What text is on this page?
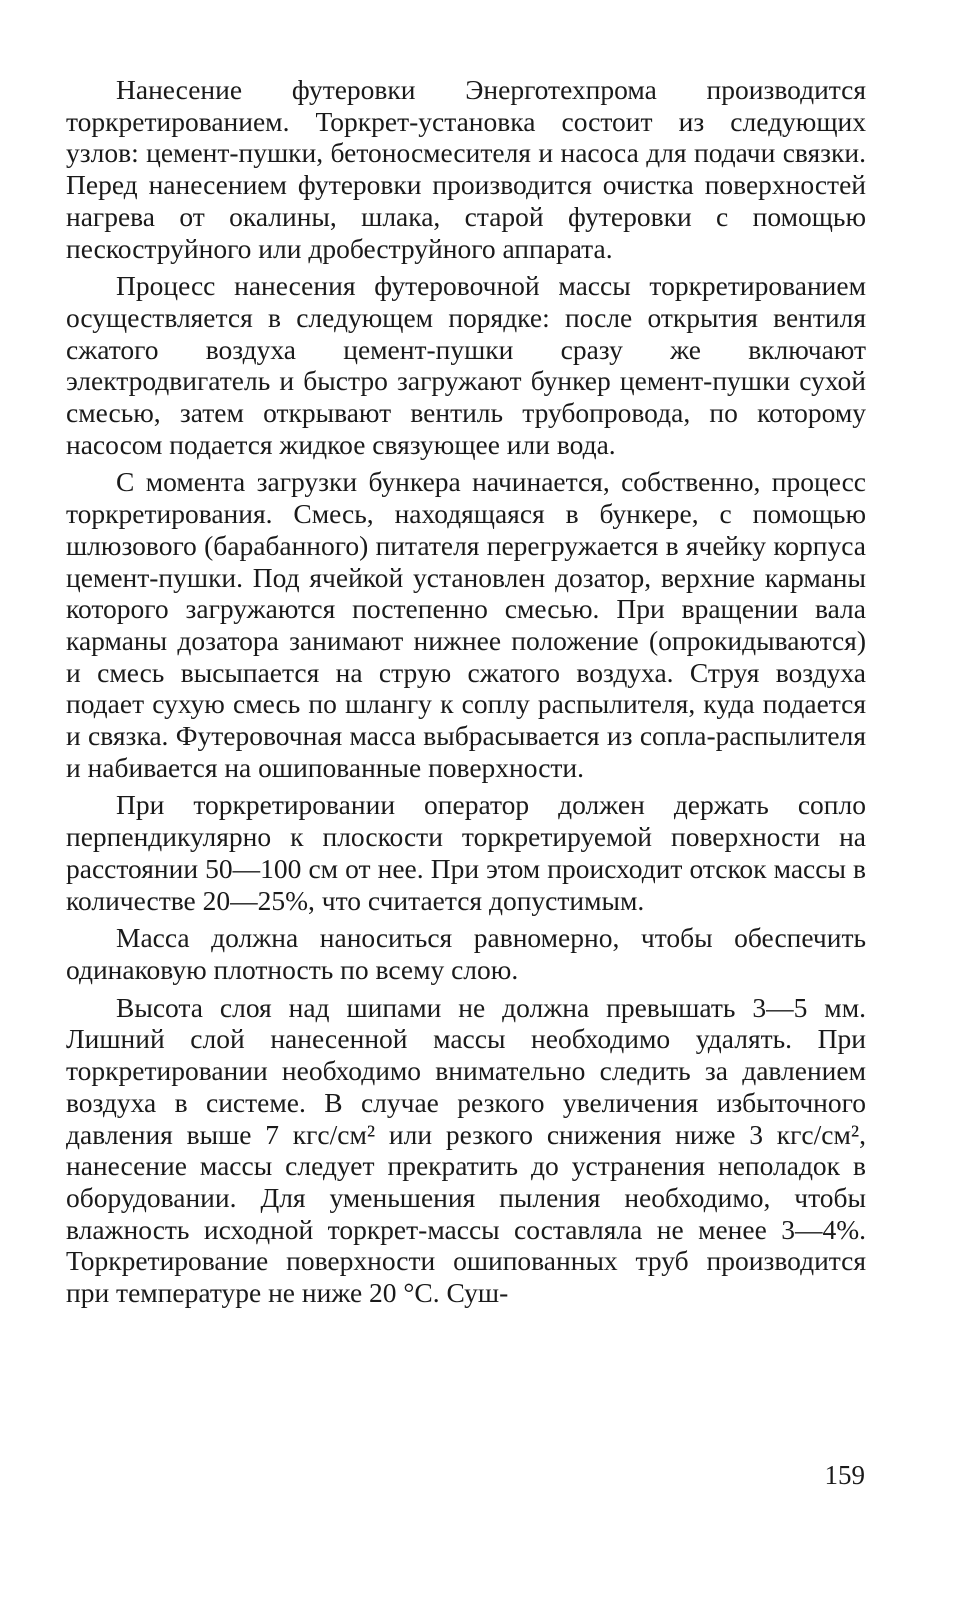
Нанесение футеровки Энерготехпрома производится торкретированием. Торкрет-установка состоит из следующих узлов: цемент-пушки, бетоносмесителя и насоса для подачи связки. Перед нанесением футеровки производится очистка поверхностей нагрева от окалины, шлака, старой футеровки с помощью пескоструйного или дробеструйного аппарата.

Процесс нанесения футеровочной массы торкретированием осуществляется в следующем порядке: после открытия вентиля сжатого воздуха цемент-пушки сразу же включают электродвигатель и быстро загружают бункер цемент-пушки сухой смесью, затем открывают вентиль трубопровода, по которому насосом подается жидкое связующее или вода.

С момента загрузки бункера начинается, собственно, процесс торкретирования. Смесь, находящаяся в бункере, с помощью шлюзового (барабанного) питателя перегружается в ячейку корпуса цемент-пушки. Под ячейкой установлен дозатор, верхние карманы которого загружаются постепенно смесью. При вращении вала карманы дозатора занимают нижнее положение (опрокидываются) и смесь высыпается на струю сжатого воздуха. Струя воздуха подает сухую смесь по шлангу к соплу распылителя, куда подается и связка. Футеровочная масса выбрасывается из сопла-распылителя и набивается на ошипованные поверхности.

При торкретировании оператор должен держать сопло перпендикулярно к плоскости торкретируемой поверхности на расстоянии 50—100 см от нее. При этом происходит отскок массы в количестве 20—25%, что считается допустимым.

Масса должна наноситься равномерно, чтобы обеспечить одинаковую плотность по всему слою.

Высота слоя над шипами не должна превышать 3—5 мм. Лишний слой нанесенной массы необходимо удалять. При торкретировании необходимо внимательно следить за давлением воздуха в системе. В случае резкого увеличения избыточного давления выше 7 кгс/см² или резкого снижения ниже 3 кгс/см², нанесение массы следует прекратить до устранения неполадок в оборудовании. Для уменьшения пыления необходимо, чтобы влажность исходной торкрет-массы составляла не менее 3—4%. Торкретирование поверхности ошипованных труб производится при температуре не ниже 20 °С. Суш-

159
